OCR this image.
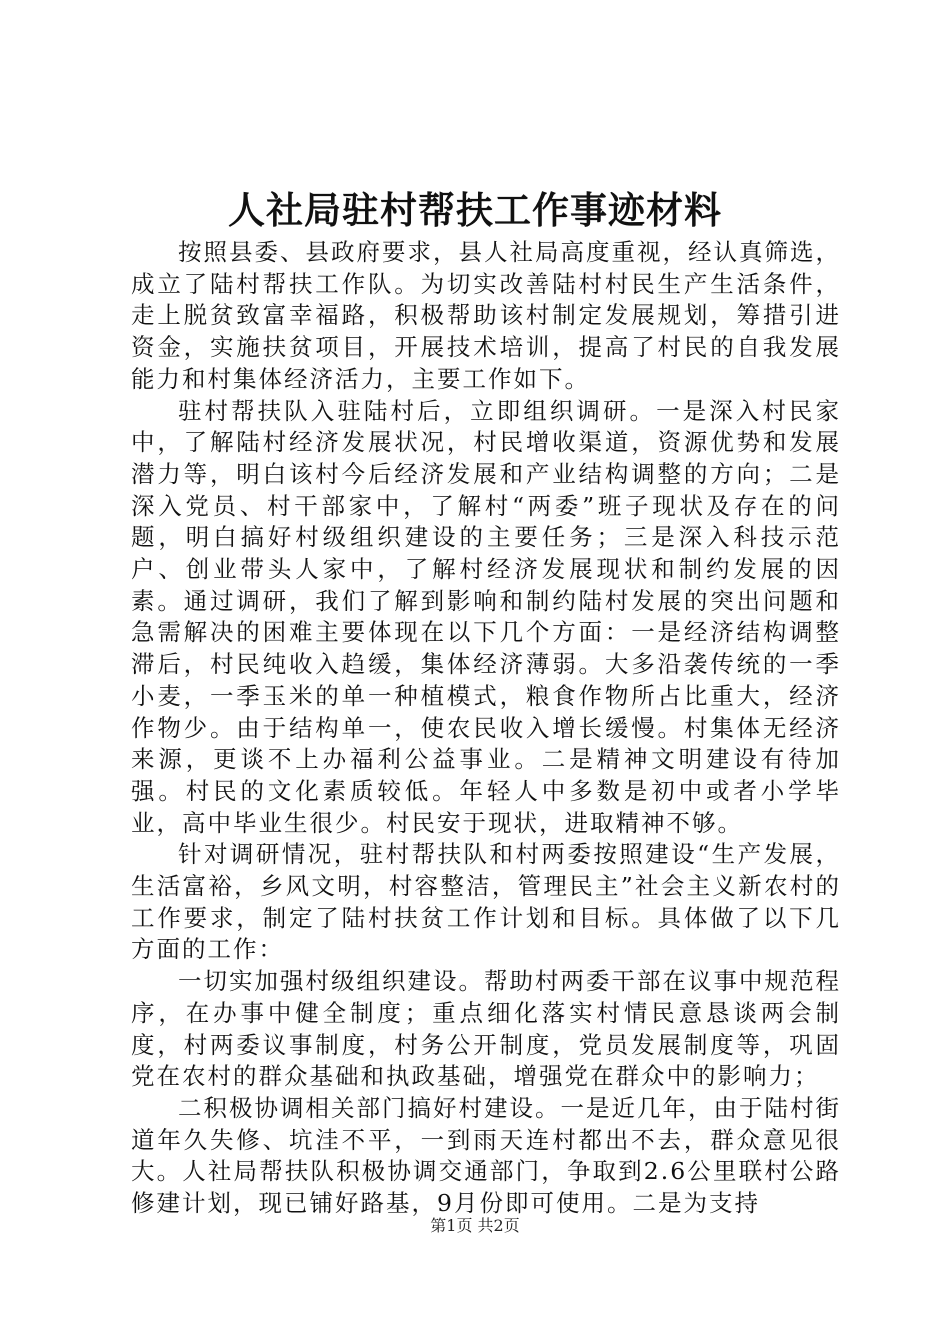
人社局驻村帮扶工作事迹材料

按照县委、县政府要求，县人社局高度重视，经认真筛选，成立了陆村帮扶工作队。为切实改善陆村村民生产生活条件，走上脱贫致富幸福路，积极帮助该村制定发展规划，筹措引进资金，实施扶贫项目，开展技术培训，提高了村民的自我发展能力和村集体经济活力，主要工作如下。

驻村帮扶队入驻陆村后，立即组织调研。一是深入村民家中，了解陆村经济发展状况，村民增收渠道，资源优势和发展潜力等，明白该村今后经济发展和产业结构调整的方向；二是深入党员、村干部家中，了解村“两委”班子现状及存在的问题，明白搞好村级组织建设的主要任务；三是深入科技示范户、创业带头人家中，了解村经济发展现状和制约发展的因素。通过调研，我们了解到影响和制约陆村发展的突出问题和急需解决的困难主要体现在以下几个方面：一是经济结构调整滞后，村民纯收入趋缓，集体经济薄弱。大多沿袭传统的一季小麦，一季玉米的单一种植模式，粮食作物所占比重大，经济作物少。由于结构单一，使农民收入增长缓慢。村集体无经济来源，更谈不上办福利公益事业。二是精神文明建设有待加强。村民的文化素质较低。年轻人中多数是初中或者小学毕业，高中毕业生很少。村民安于现状，进取精神不够。

针对调研情况，驻村帮扶队和村两委按照建设“生产发展，生活富裕，乡风文明，村容整洁，管理民主”社会主义新农村的工作要求，制定了陆村扶贫工作计划和目标。具体做了以下几方面的工作：

一切实加强村级组织建设。帮助村两委干部在议事中规范程序，在办事中健全制度；重点细化落实村情民意恳谈两会制度，村两委议事制度，村务公开制度，党员发展制度等，巩固党在农村的群众基础和执政基础，增强党在群众中的影响力；

二积极协调相关部门搞好村建设。一是近几年，由于陆村街道年久失修、坑洼不平，一到雨天连村都出不去，群众意见很大。人社局帮扶队积极协调交通部门，争取到2.6公里联村公路修建计划，现已铺好路基，9月份即可使用。二是为支持

第1页 共2页
